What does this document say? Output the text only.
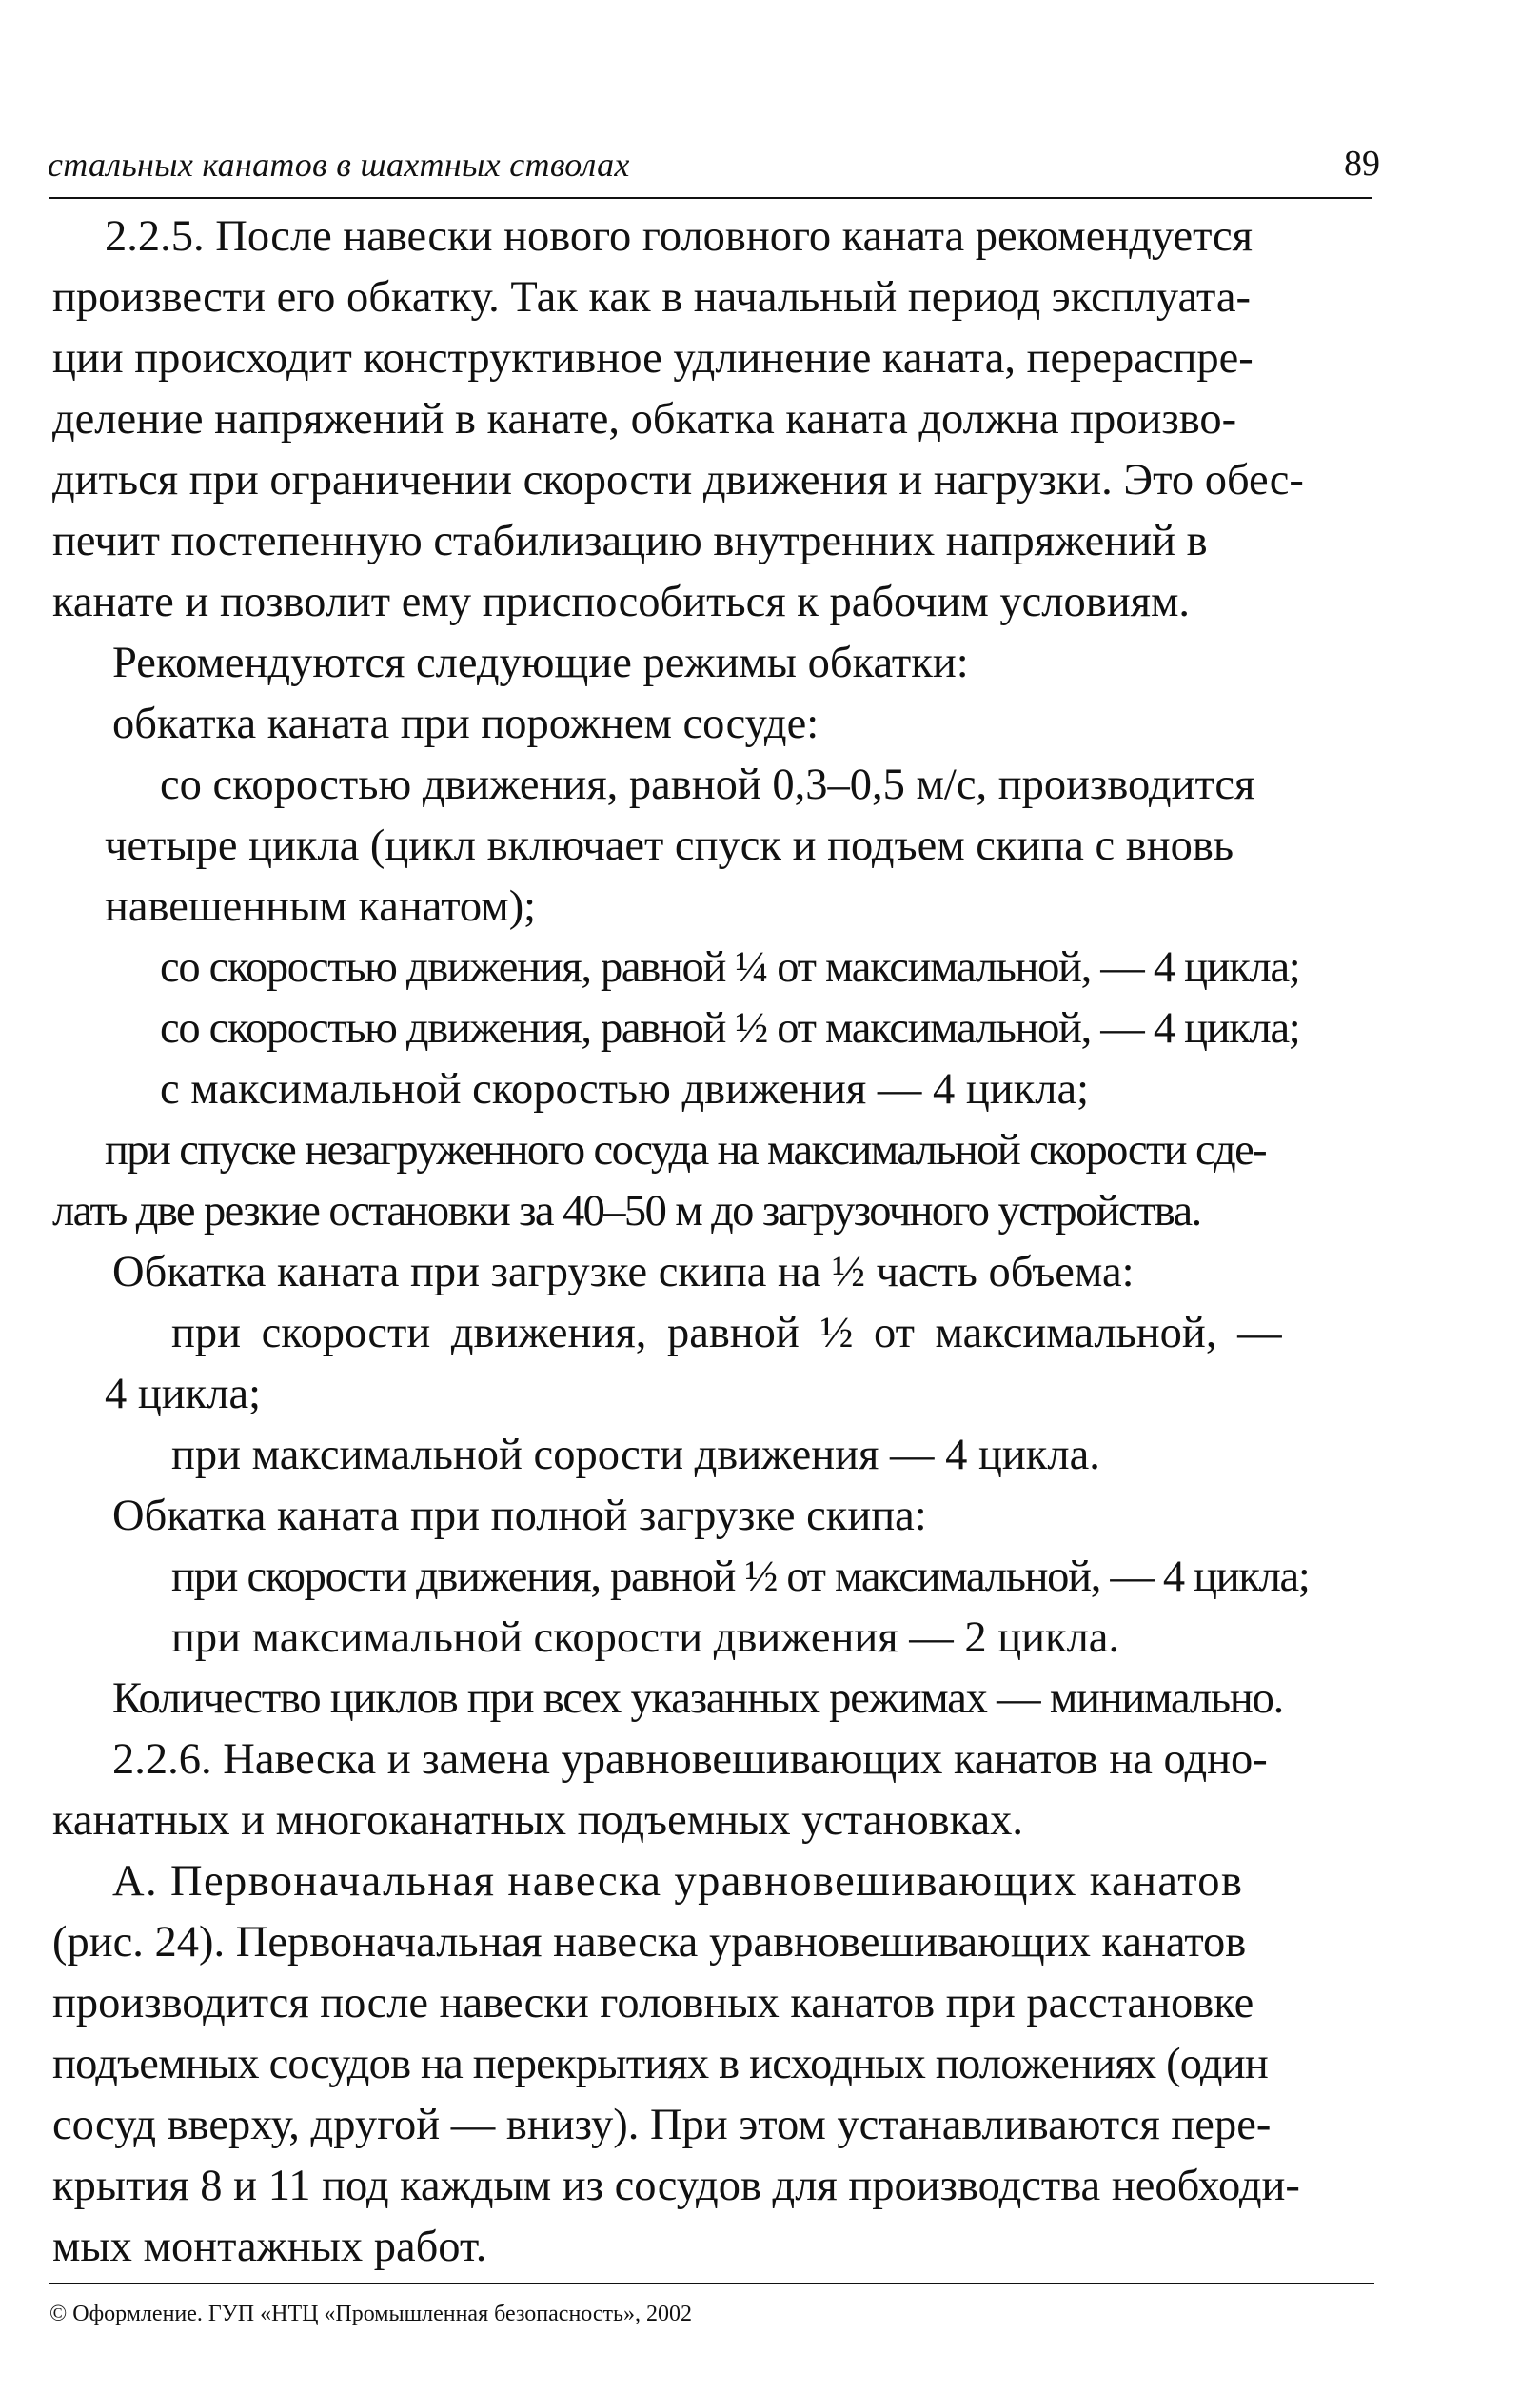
стальных канатов в шахтных стволах	89
2.2.5. После навески нового головного каната рекомендуется
произвести его обкатку. Так как в начальный период эксплуата-
ции происходит конструктивное удлинение каната, перераспре-
деление напряжений в канате, обкатка каната должна произво-
диться при ограничении скорости движения и нагрузки. Это обес-
печит постепенную стабилизацию внутренних напряжений в
канате и позволит ему приспособиться к рабочим условиям.
Рекомендуются следующие режимы обкатки:
обкатка каната при порожнем сосуде:
со скоростью движения, равной 0,3–0,5 м/с, производится
четыре цикла (цикл включает спуск и подъем скипа с вновь
навешенным канатом);
со скоростью движения, равной ¼ от максимальной, — 4 цикла;
со скоростью движения, равной ½ от максимальной, — 4 цикла;
с максимальной скоростью движения — 4 цикла;
при спуске незагруженного сосуда на максимальной скорости сде-
лать две резкие остановки за 40–50 м до загрузочного устройства.
Обкатка каната при загрузке скипа на ½ часть объема:
при скорости движения, равной ½ от максимальной, —
4 цикла;
при максимальной сорости движения — 4 цикла.
Обкатка каната при полной загрузке скипа:
при скорости движения, равной ½ от максимальной, — 4 цикла;
при максимальной скорости движения — 2 цикла.
Количество циклов при всех указанных режимах — минимально.
2.2.6. Навеска и замена уравновешивающих канатов на одно-
канатных и многоканатных подъемных установках.
А. Первоначальная навеска уравновешивающих канатов
(рис. 24). Первоначальная навеска уравновешивающих канатов
производится после навески головных канатов при расстановке
подъемных сосудов на перекрытиях в исходных положениях (один
сосуд вверху, другой — внизу). При этом устанавливаются пере-
крытия 8 и 11 под каждым из сосудов для производства необходи-
мых монтажных работ.
© Оформление. ГУП «НТЦ «Промышленная безопасность», 2002
